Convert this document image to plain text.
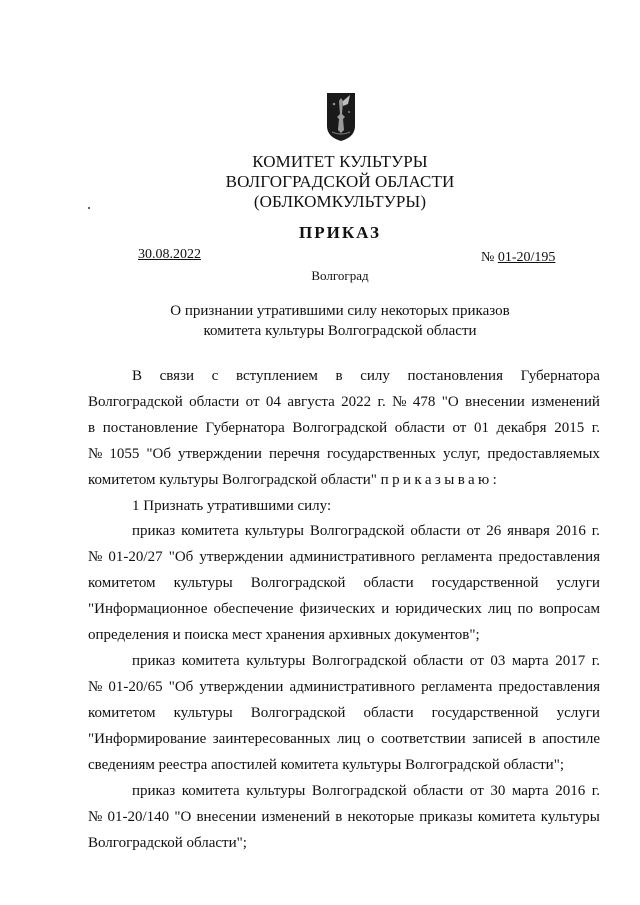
КОМИТЕТ КУЛЬТУРЫ
ВОЛГОГРАДСКОЙ ОБЛАСТИ
(ОБЛКОМКУЛЬТУРЫ)
ПРИКАЗ
30.08.2022	№ 01-20/195
Волгоград
О признании утратившими силу некоторых приказов
комитета культуры Волгоградской области
В связи с вступлением в силу постановления Губернатора
Волгоградской области от 04 августа 2022 г. № 478 "О внесении изменений
в постановление Губернатора Волгоградской области от 01 декабря 2015 г.
№ 1055 "Об утверждении перечня государственных услуг, предоставляемых
комитетом культуры Волгоградской области" приказываю:
1 Признать утратившими силу:
приказ комитета культуры Волгоградской области от 26 января 2016 г.
№ 01-20/27 "Об утверждении административного регламента предоставления
комитетом культуры Волгоградской области государственной услуги
"Информационное обеспечение физических и юридических лиц по вопросам
определения и поиска мест хранения архивных документов";
приказ комитета культуры Волгоградской области от 03 марта 2017 г.
№ 01-20/65 "Об утверждении административного регламента предоставления
комитетом культуры Волгоградской области государственной услуги
"Информирование заинтересованных лиц о соответствии записей в апостиле
сведениям реестра апостилей комитета культуры Волгоградской области";
приказ комитета культуры Волгоградской области от 30 марта 2016 г.
№ 01-20/140 "О внесении изменений в некоторые приказы комитета культуры
Волгоградской области";
